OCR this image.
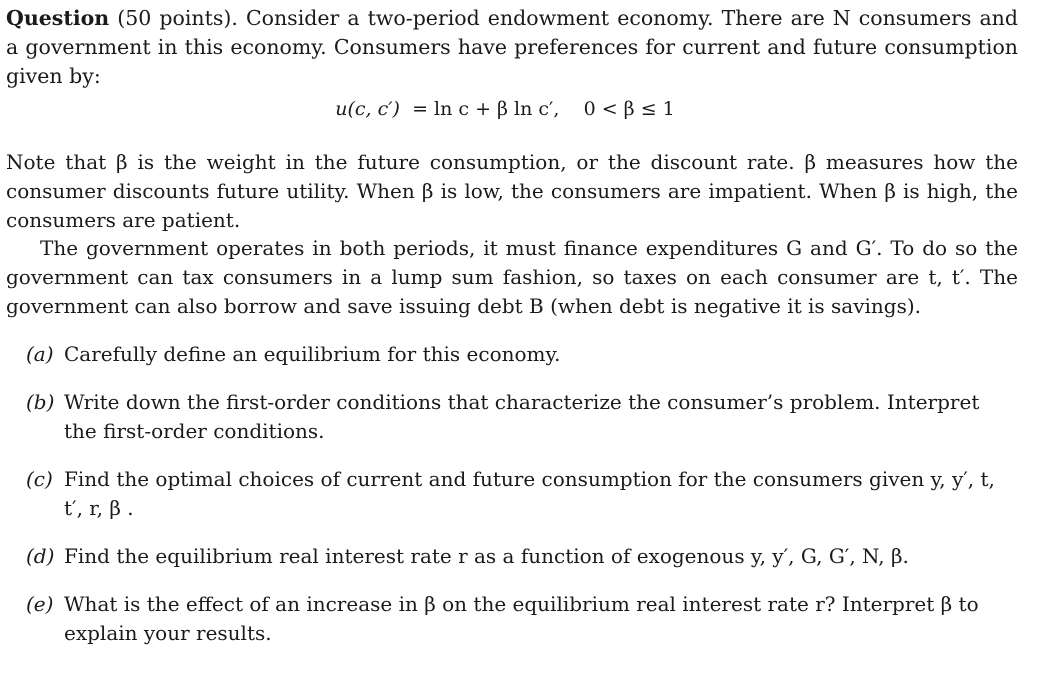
Question (50 points). Consider a two-period endowment economy. There are N consumers and a government in this economy. Consumers have preferences for current and future consumption given by:

u(c, c′) = ln c + β ln c′, 0 < β ≤ 1

Note that β is the weight in the future consumption, or the discount rate. β measures how the consumer discounts future utility. When β is low, the consumers are impatient. When β is high, the consumers are patient.

The government operates in both periods, it must finance expenditures G and G′. To do so the government can tax consumers in a lump sum fashion, so taxes on each consumer are t, t′. The government can also borrow and save issuing debt B (when debt is negative it is savings).

(a) Carefully define an equilibrium for this economy.
(b) Write down the first-order conditions that characterize the consumer’s problem. Interpret the first-order conditions.
(c) Find the optimal choices of current and future consumption for the consumers given y, y′, t, t′, r, β .
(d) Find the equilibrium real interest rate r as a function of exogenous y, y′, G, G′, N, β.
(e) What is the effect of an increase in β on the equilibrium real interest rate r? Interpret β to explain your results.
